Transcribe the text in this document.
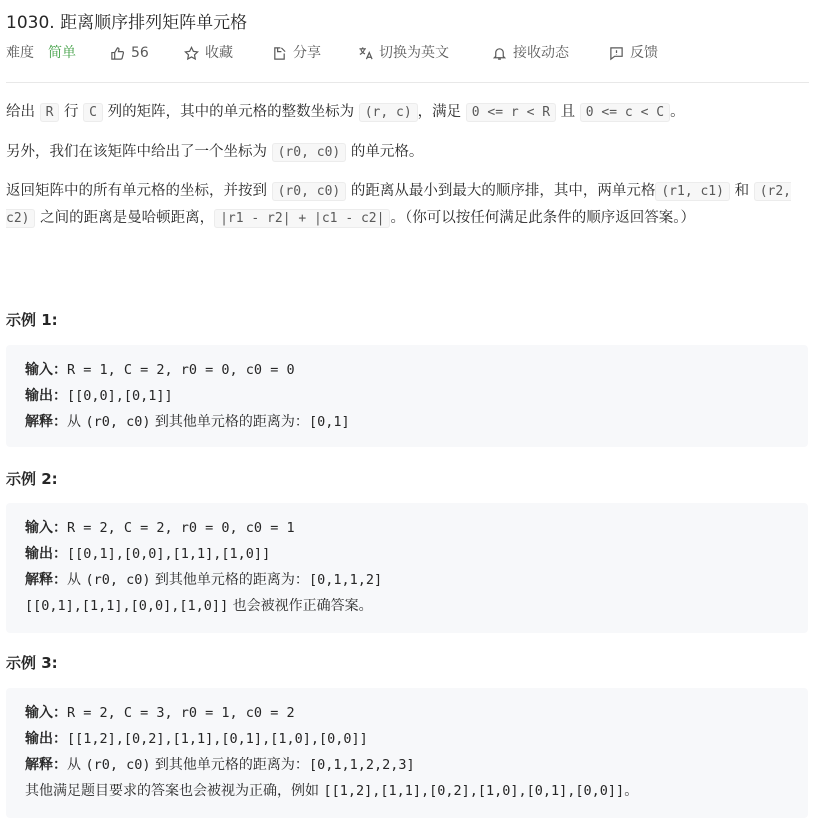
1030. 距离顺序排列矩阵单元格
难度 简单	56	收藏	分享	切换为英文	接收动态	反馈
给出 R 行 C 列的矩阵，其中的单元格的整数坐标为 (r, c) ，满足 0 <= r < R 且 0 <= c < C 。
另外，我们在该矩阵中给出了一个坐标为 (r0, c0) 的单元格。
返回矩阵中的所有单元格的坐标，并按到 (r0, c0) 的距离从最小到最大的顺序排，其中，两单元格 (r1, c1) 和 (r2, c2) 之间的距离是曼哈顿距离， |r1 - r2| + |c1 - c2| 。（你可以按任何满足此条件的顺序返回答案。）
示例 1:
输入：R = 1, C = 2, r0 = 0, c0 = 0
输出：[[0,0],[0,1]]
解释：从 (r0, c0) 到其他单元格的距离为：[0,1]
示例 2:
输入：R = 2, C = 2, r0 = 0, c0 = 1
输出：[[0,1],[0,0],[1,1],[1,0]]
解释：从 (r0, c0) 到其他单元格的距离为：[0,1,1,2]
[[0,1],[1,1],[0,0],[1,0]] 也会被视作正确答案。
示例 3:
输入：R = 2, C = 3, r0 = 1, c0 = 2
输出：[[1,2],[0,2],[1,1],[0,1],[1,0],[0,0]]
解释：从 (r0, c0) 到其他单元格的距离为：[0,1,1,2,2,3]
其他满足题目要求的答案也会被视为正确，例如 [[1,2],[1,1],[0,2],[1,0],[0,1],[0,0]]。
